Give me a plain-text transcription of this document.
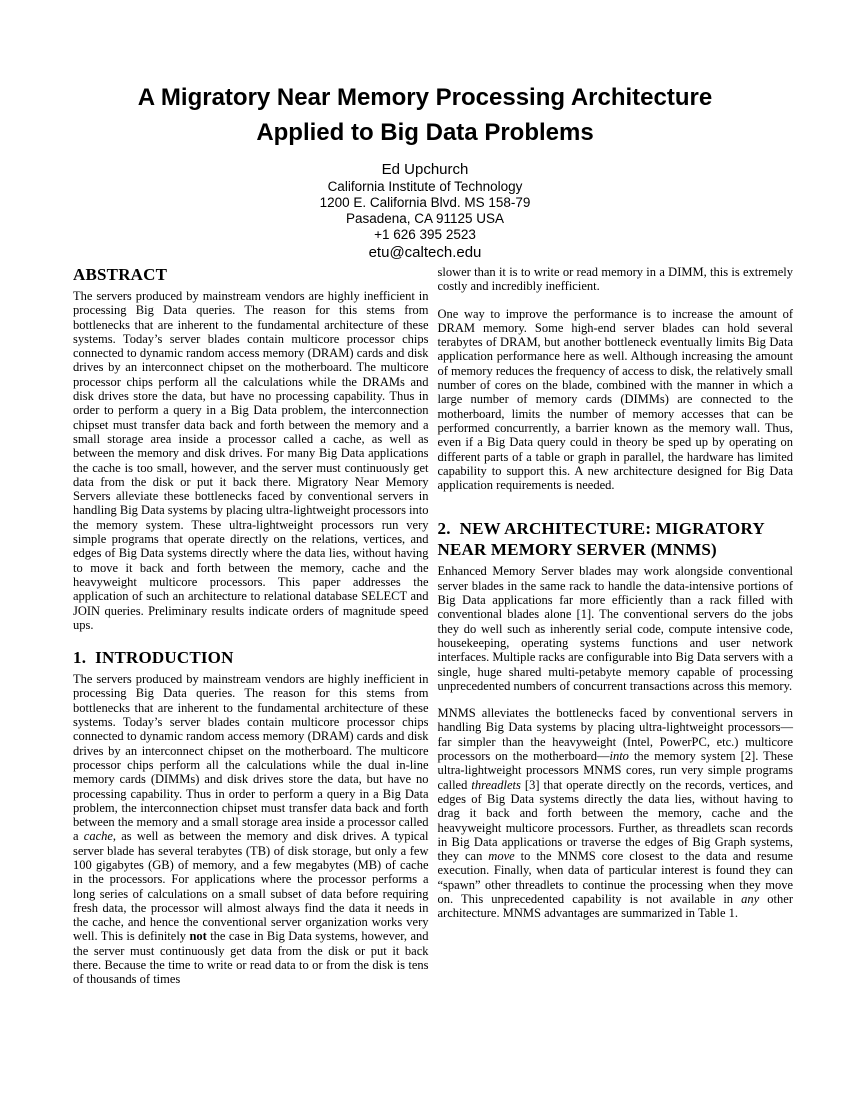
A Migratory Near Memory Processing Architecture
Applied to Big Data Problems
Ed Upchurch
California Institute of Technology
1200 E. California Blvd. MS 158-79
Pasadena, CA 91125 USA
+1 626 395 2523
etu@caltech.edu
ABSTRACT

The servers produced by mainstream vendors are highly inefficient in processing Big Data queries. The reason for this stems from bottlenecks that are inherent to the fundamental architecture of these systems. Today’s server blades contain multicore processor chips connected to dynamic random access memory (DRAM) cards and disk drives by an interconnect chipset on the motherboard. The multicore processor chips perform all the calculations while the DRAMs and disk drives store the data, but have no processing capability. Thus in order to perform a query in a Big Data problem, the interconnection chipset must transfer data back and forth between the memory and a small storage area inside a processor called a cache, as well as between the memory and disk drives. For many Big Data applications the cache is too small, however, and the server must continuously get data from the disk or put it back there. Migratory Near Memory Servers alleviate these bottlenecks faced by conventional servers in handling Big Data systems by placing ultra-lightweight processors into the memory system. These ultra-lightweight processors run very simple programs that operate directly on the relations, vertices, and edges of Big Data systems directly where the data lies, without having to move it back and forth between the memory, cache and the heavyweight multicore processors. This paper addresses the application of such an architecture to relational database SELECT and JOIN queries. Preliminary results indicate orders of magnitude speed ups.

1. INTRODUCTION

The servers produced by mainstream vendors are highly inefficient in processing Big Data queries. The reason for this stems from bottlenecks that are inherent to the fundamental architecture of these systems. Today’s server blades contain multicore processor chips connected to dynamic random access memory (DRAM) cards and disk drives by an interconnect chipset on the motherboard. The multicore processor chips perform all the calculations while the dual in-line memory cards (DIMMs) and disk drives store the data, but have no processing capability. Thus in order to perform a query in a Big Data problem, the interconnection chipset must transfer data back and forth between the memory and a small storage area inside a processor called a cache, as well as between the memory and disk drives. A typical server blade has several terabytes (TB) of disk storage, but only a few 100 gigabytes (GB) of memory, and a few megabytes (MB) of cache in the processors. For applications where the processor performs a long series of calculations on a small subset of data before requiring fresh data, the processor will almost always find the data it needs in the cache, and hence the conventional server organization works very well. This is definitely not the case in Big Data systems, however, and the server must continuously get data from the disk or put it back there. Because the time to write or read data to or from the disk is tens of thousands of times

slower than it is to write or read memory in a DIMM, this is extremely costly and incredibly inefficient.

One way to improve the performance is to increase the amount of DRAM memory. Some high-end server blades can hold several terabytes of DRAM, but another bottleneck eventually limits Big Data application performance here as well. Although increasing the amount of memory reduces the frequency of access to disk, the relatively small number of cores on the blade, combined with the manner in which a large number of memory cards (DIMMs) are connected to the motherboard, limits the number of memory accesses that can be performed concurrently, a barrier known as the memory wall. Thus, even if a Big Data query could in theory be sped up by operating on different parts of a table or graph in parallel, the hardware has limited capability to support this. A new architecture designed for Big Data application requirements is needed.

2. NEW ARCHITECTURE: MIGRATORY
NEAR MEMORY SERVER (MNMS)

Enhanced Memory Server blades may work alongside conventional server blades in the same rack to handle the data-intensive portions of Big Data applications far more efficiently than a rack filled with conventional blades alone [1]. The conventional servers do the jobs they do well such as inherently serial code, compute intensive code, housekeeping, operating systems functions and user network interfaces. Multiple racks are configurable into Big Data servers with a single, huge shared multi-petabyte memory capable of processing unprecedented numbers of concurrent transactions across this memory.

MNMS alleviates the bottlenecks faced by conventional servers in handling Big Data systems by placing ultra-lightweight processors—far simpler than the heavyweight (Intel, PowerPC, etc.) multicore processors on the motherboard—into the memory system [2]. These ultra-lightweight processors MNMS cores, run very simple programs called threadlets [3] that operate directly on the records, vertices, and edges of Big Data systems directly the data lies, without having to drag it back and forth between the memory, cache and the heavyweight multicore processors. Further, as threadlets scan records in Big Data applications or traverse the edges of Big Graph systems, they can move to the MNMS core closest to the data and resume execution. Finally, when data of particular interest is found they can “spawn” other threadlets to continue the processing when they move on. This unprecedented capability is not available in any other architecture. MNMS advantages are summarized in Table 1.
